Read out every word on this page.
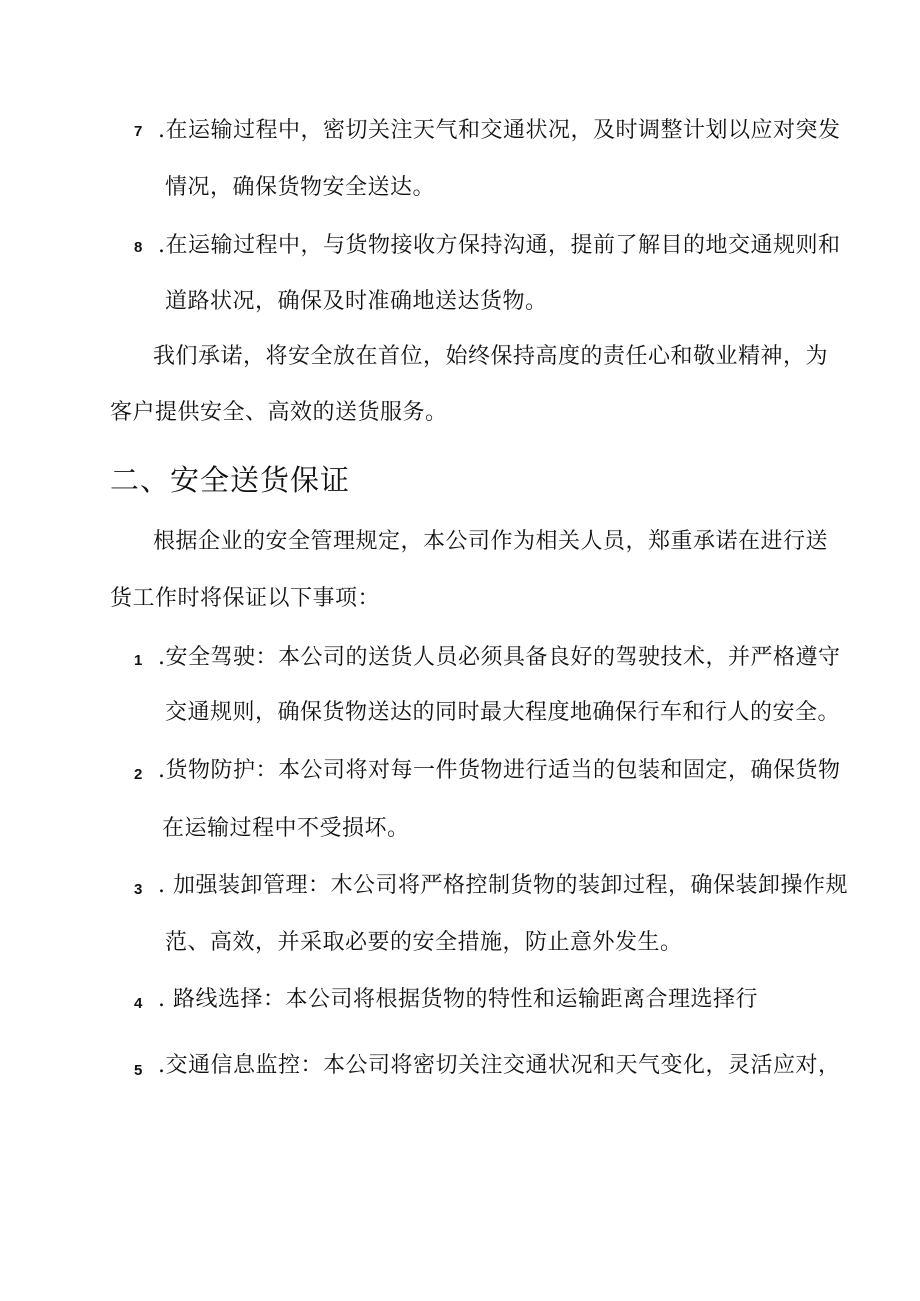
7 .在运输过程中，密切关注天气和交通状况，及时调整计划以应对突发
情况，确保货物安全送达。
8 .在运输过程中，与货物接收方保持沟通，提前了解目的地交通规则和
道路状况，确保及时准确地送达货物。
我们承诺，将安全放在首位，始终保持高度的责任心和敬业精神，为
客户提供安全、高效的送货服务。
二、安全送货保证
根据企业的安全管理规定，本公司作为相关人员，郑重承诺在进行送
货工作时将保证以下事项：
1 .安全驾驶：本公司的送货人员必须具备良好的驾驶技术，并严格遵守
交通规则，确保货物送达的同时最大程度地确保行车和行人的安全。
2 .货物防护：本公司将对每一件货物进行适当的包装和固定，确保货物
在运输过程中不受损坏。
3 . 加强装卸管理：木公司将严格控制货物的装卸过程，确保装卸操作规
范、高效，并采取必要的安全措施，防止意外发生。
4 . 路线选择：本公司将根据货物的特性和运输距离合理选择行
5 .交通信息监控：本公司将密切关注交通状况和天气变化，灵活应对，
